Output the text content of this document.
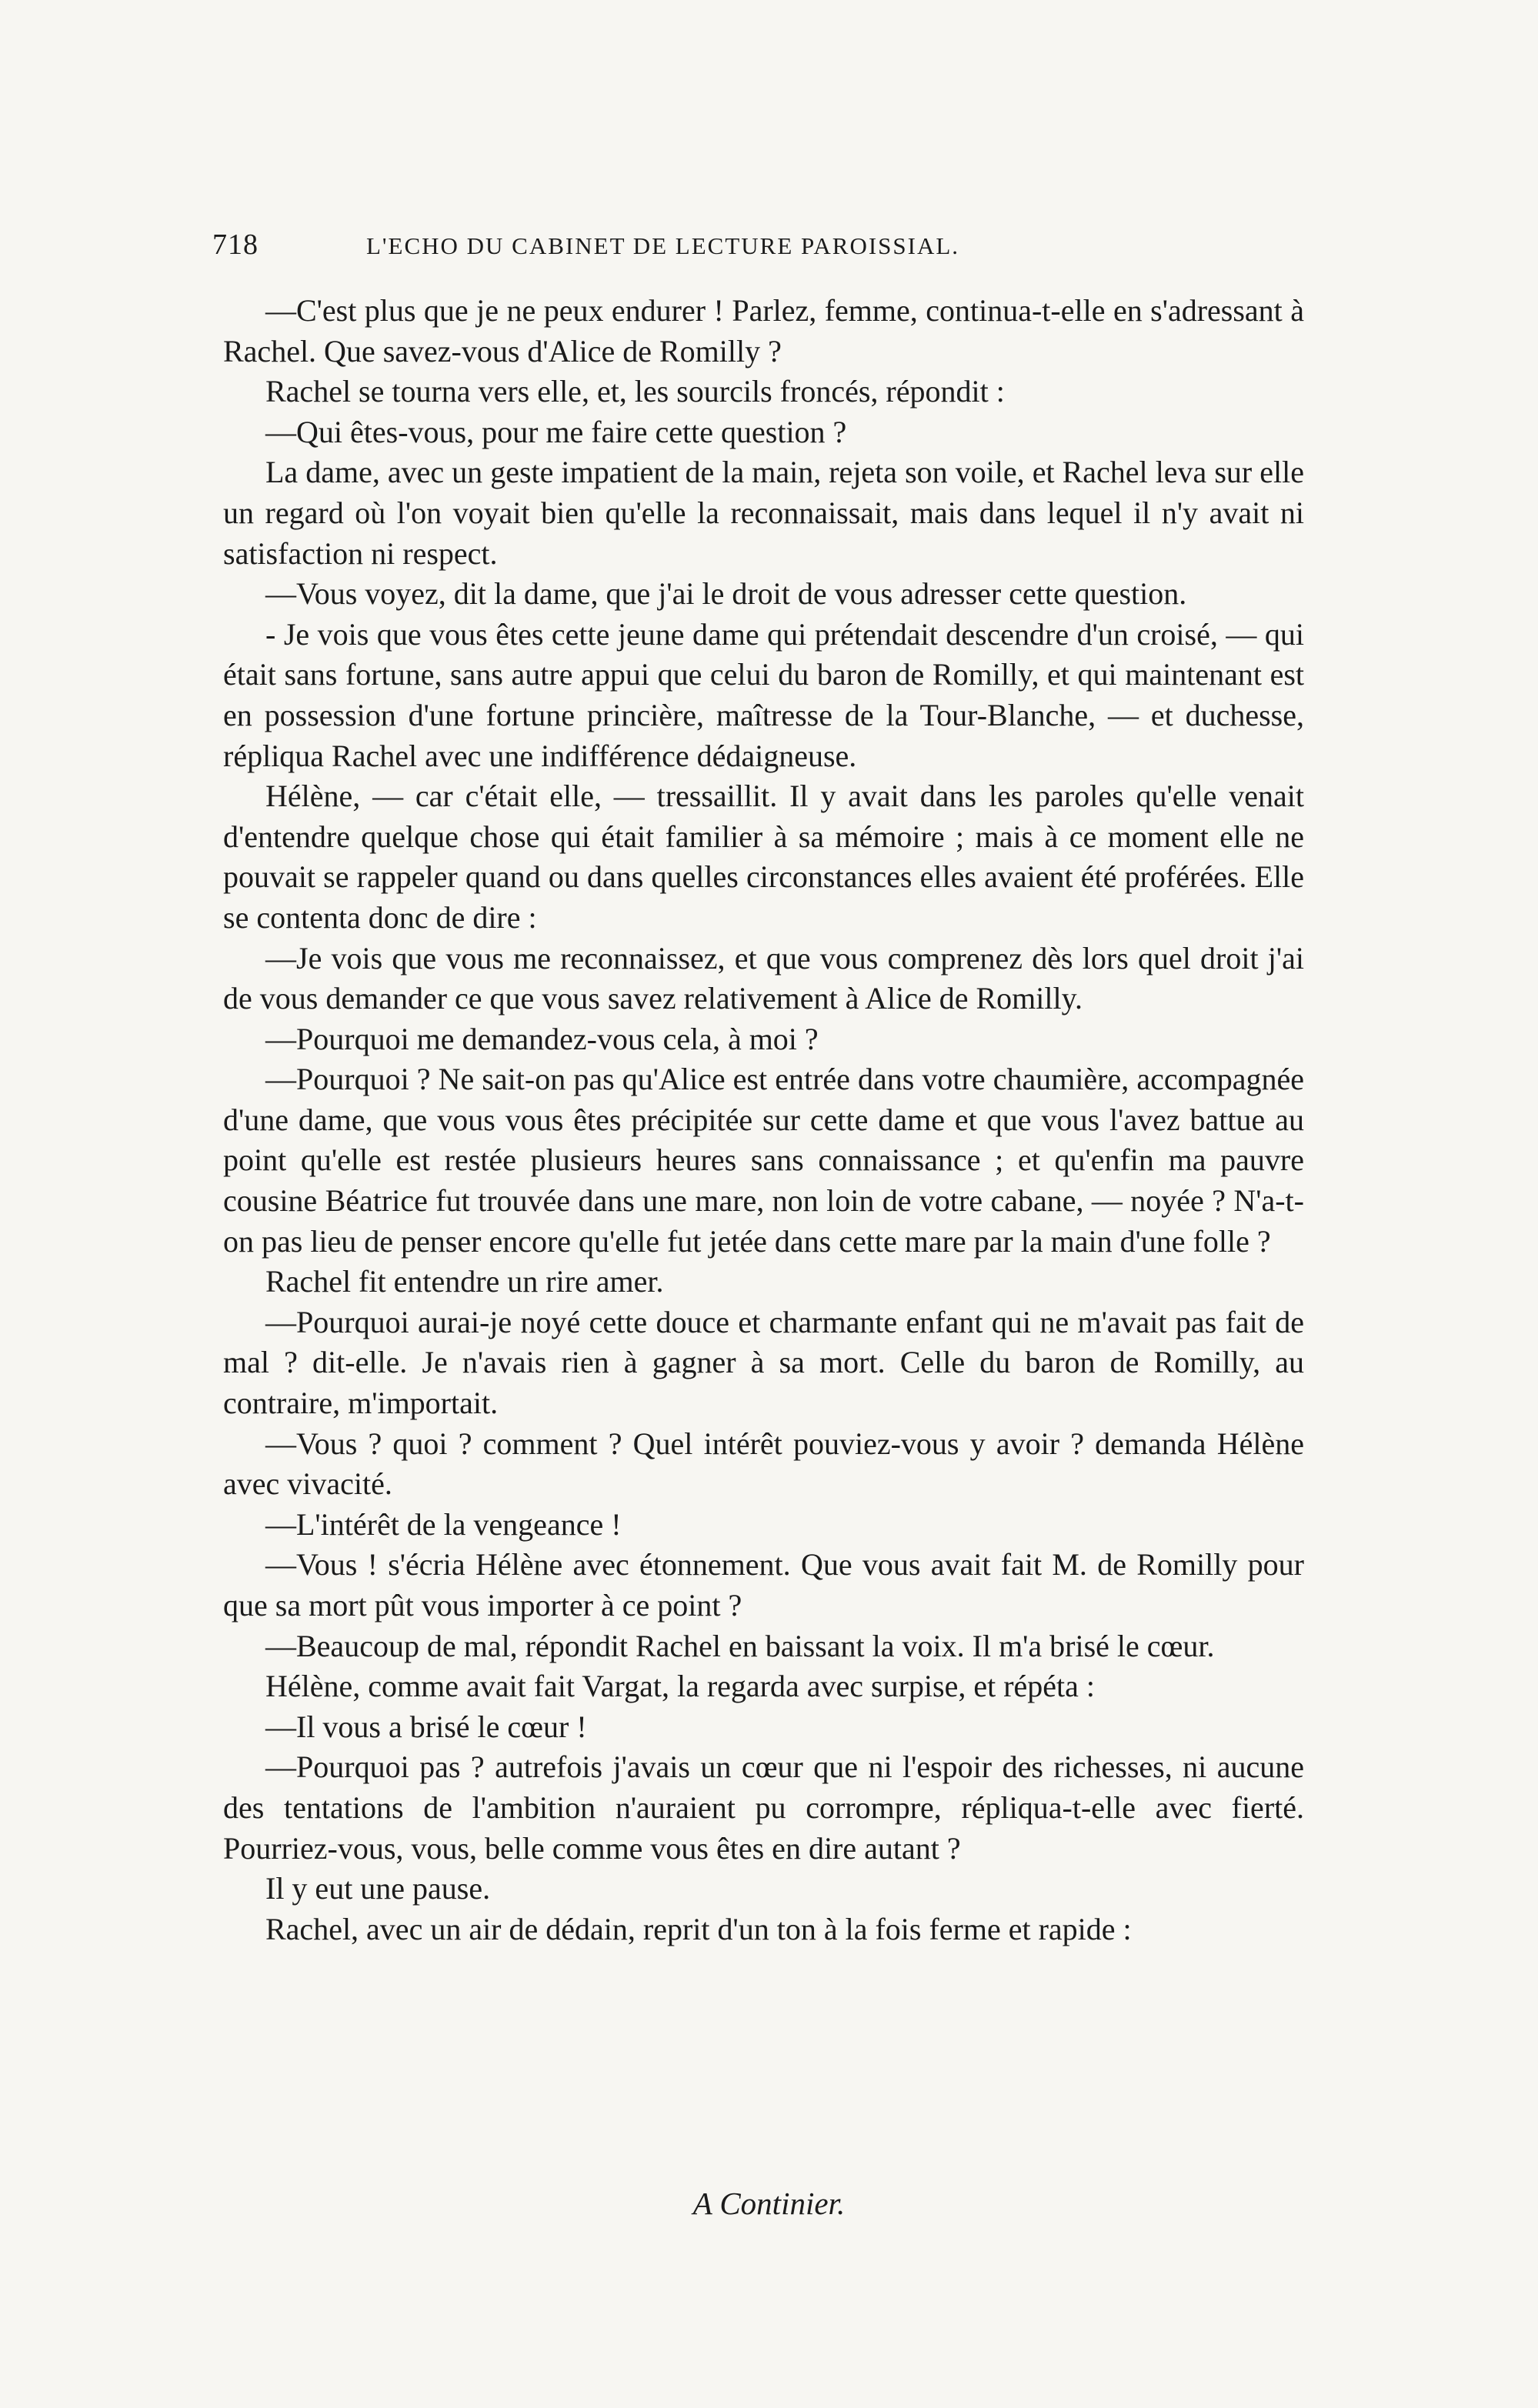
718	L'ECHO DU CABINET DE LECTURE PAROISSIAL.

—C'est plus que je ne peux endurer ! Parlez, femme, continua-t-elle en s'adressant à Rachel. Que savez-vous d'Alice de Romilly ?

Rachel se tourna vers elle, et, les sourcils froncés, répondit :

—Qui êtes-vous, pour me faire cette question ?

La dame, avec un geste impatient de la main, rejeta son voile, et Rachel leva sur elle un regard où l'on voyait bien qu'elle la reconnaissait, mais dans lequel il n'y avait ni satisfaction ni respect.

—Vous voyez, dit la dame, que j'ai le droit de vous adresser cette question.

- Je vois que vous êtes cette jeune dame qui prétendait descendre d'un croisé, — qui était sans fortune, sans autre appui que celui du baron de Romilly, et qui maintenant est en possession d'une fortune princière, maîtresse de la Tour-Blanche, — et duchesse, répliqua Rachel avec une indifférence dédaigneuse.

Hélène, — car c'était elle, — tressaillit. Il y avait dans les paroles qu'elle venait d'entendre quelque chose qui était familier à sa mémoire ; mais à ce moment elle ne pouvait se rappeler quand ou dans quelles circonstances elles avaient été proférées. Elle se contenta donc de dire :

—Je vois que vous me reconnaissez, et que vous comprenez dès lors quel droit j'ai de vous demander ce que vous savez relativement à Alice de Romilly.

—Pourquoi me demandez-vous cela, à moi ?

—Pourquoi ? Ne sait-on pas qu'Alice est entrée dans votre chaumière, accompagnée d'une dame, que vous vous êtes précipitée sur cette dame et que vous l'avez battue au point qu'elle est restée plusieurs heures sans connaissance ; et qu'enfin ma pauvre cousine Béatrice fut trouvée dans une mare, non loin de votre cabane, — noyée ? N'a-t-on pas lieu de penser encore qu'elle fut jetée dans cette mare par la main d'une folle ?

Rachel fit entendre un rire amer.

—Pourquoi aurai-je noyé cette douce et charmante enfant qui ne m'avait pas fait de mal ? dit-elle. Je n'avais rien à gagner à sa mort. Celle du baron de Romilly, au contraire, m'importait.

—Vous ? quoi ? comment ? Quel intérêt pouviez-vous y avoir ? demanda Hélène avec vivacité.

—L'intérêt de la vengeance !

—Vous ! s'écria Hélène avec étonnement. Que vous avait fait M. de Romilly pour que sa mort pût vous importer à ce point ?

—Beaucoup de mal, répondit Rachel en baissant la voix. Il m'a brisé le cœur.

Hélène, comme avait fait Vargat, la regarda avec surpise, et répéta :

—Il vous a brisé le cœur !

—Pourquoi pas ? autrefois j'avais un cœur que ni l'espoir des richesses, ni aucune des tentations de l'ambition n'auraient pu corrompre, répliqua-t-elle avec fierté. Pourriez-vous, vous, belle comme vous êtes en dire autant ?

Il y eut une pause.

Rachel, avec un air de dédain, reprit d'un ton à la fois ferme et rapide :

A Continier.
